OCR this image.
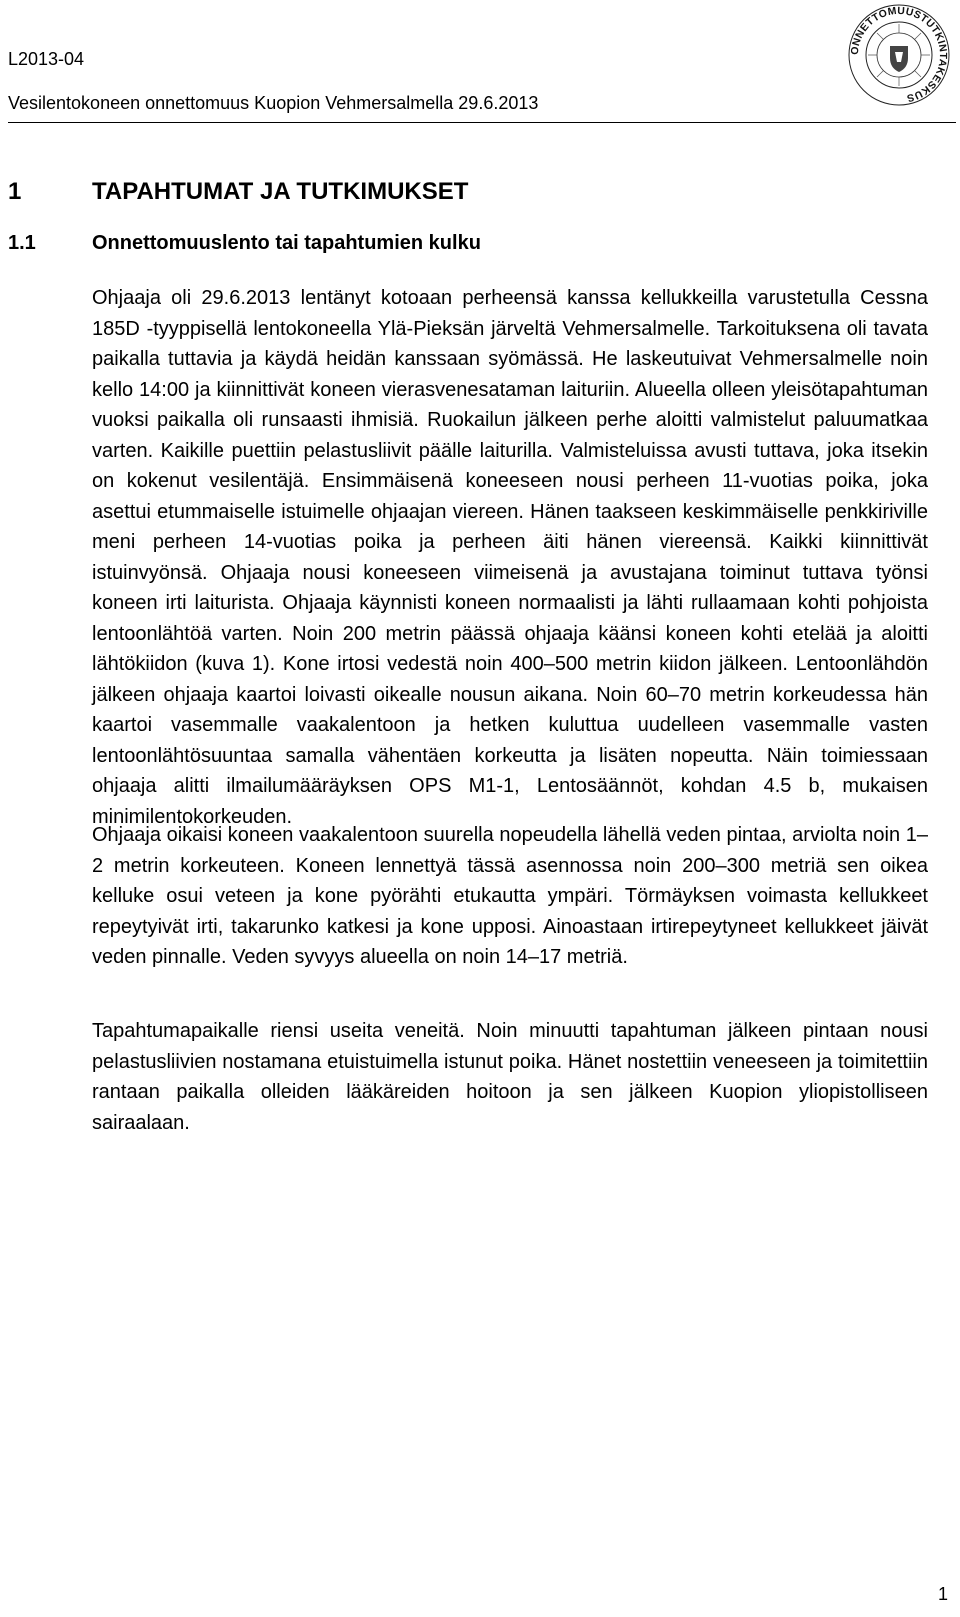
L2013-04
Vesilentokoneen onnettomuus Kuopion Vehmersalmella 29.6.2013
ONNETTOMUUSTUTKINTAKESKUS
1	TAPAHTUMAT JA TUTKIMUKSET
1.1	Onnettomuuslento tai tapahtumien kulku

Ohjaaja oli 29.6.2013 lentänyt kotoaan perheensä kanssa kellukkeilla varustetulla Cessna 185D -tyyppisellä lentokoneella Ylä-Pieksän järveltä Vehmersalmelle. Tarkoituksena oli tavata paikalla tuttavia ja käydä heidän kanssaan syömässä. He laskeutuivat Vehmersalmelle noin kello 14:00 ja kiinnittivät koneen vierasvenesataman laituriin. Alueella olleen yleisötapahtuman vuoksi paikalla oli runsaasti ihmisiä. Ruokailun jälkeen perhe aloitti valmistelut paluumatkaa varten. Kaikille puettiin pelastusliivit päälle laiturilla. Valmisteluissa avusti tuttava, joka itsekin on kokenut vesilentäjä. Ensimmäisenä koneeseen nousi perheen 11-vuotias poika, joka asettui etummaiselle istuimelle ohjaajan viereen. Hänen taakseen keskimmäiselle penkkiriville meni perheen 14-vuotias poika ja perheen äiti hänen viereensä. Kaikki kiinnittivät istuinvyönsä. Ohjaaja nousi koneeseen viimeisenä ja avustajana toiminut tuttava työnsi koneen irti laiturista. Ohjaaja käynnisti koneen normaalisti ja lähti rullaamaan kohti pohjoista lentoonlähtöä varten. Noin 200 metrin päässä ohjaaja käänsi koneen kohti etelää ja aloitti lähtökiidon (kuva 1). Kone irtosi vedestä noin 400–500 metrin kiidon jälkeen. Lentoonlähdön jälkeen ohjaaja kaartoi loivasti oikealle nousun aikana. Noin 60–70 metrin korkeudessa hän kaartoi vasemmalle vaakalentoon ja hetken kuluttua uudelleen vasemmalle vasten lentoonlähtösuuntaa samalla vähentäen korkeutta ja lisäten nopeutta. Näin toimiessaan ohjaaja alitti ilmailumääräyksen OPS M1-1, Lentosäännöt, kohdan 4.5 b, mukaisen minimilentokorkeuden.

Ohjaaja oikaisi koneen vaakalentoon suurella nopeudella lähellä veden pintaa, arviolta noin 1–2 metrin korkeuteen. Koneen lennettyä tässä asennossa noin 200–300 metriä sen oikea kelluke osui veteen ja kone pyörähti etukautta ympäri. Törmäyksen voimasta kellukkeet repeytyivät irti, takarunko katkesi ja kone upposi. Ainoastaan irtirepeytyneet kellukkeet jäivät veden pinnalle. Veden syvyys alueella on noin 14–17 metriä.

Tapahtumapaikalle riensi useita veneitä. Noin minuutti tapahtuman jälkeen pintaan nousi pelastusliivien nostamana etuistuimella istunut poika. Hänet nostettiin veneeseen ja toimitettiin rantaan paikalla olleiden lääkäreiden hoitoon ja sen jälkeen Kuopion yliopistolliseen sairaalaan.

1
